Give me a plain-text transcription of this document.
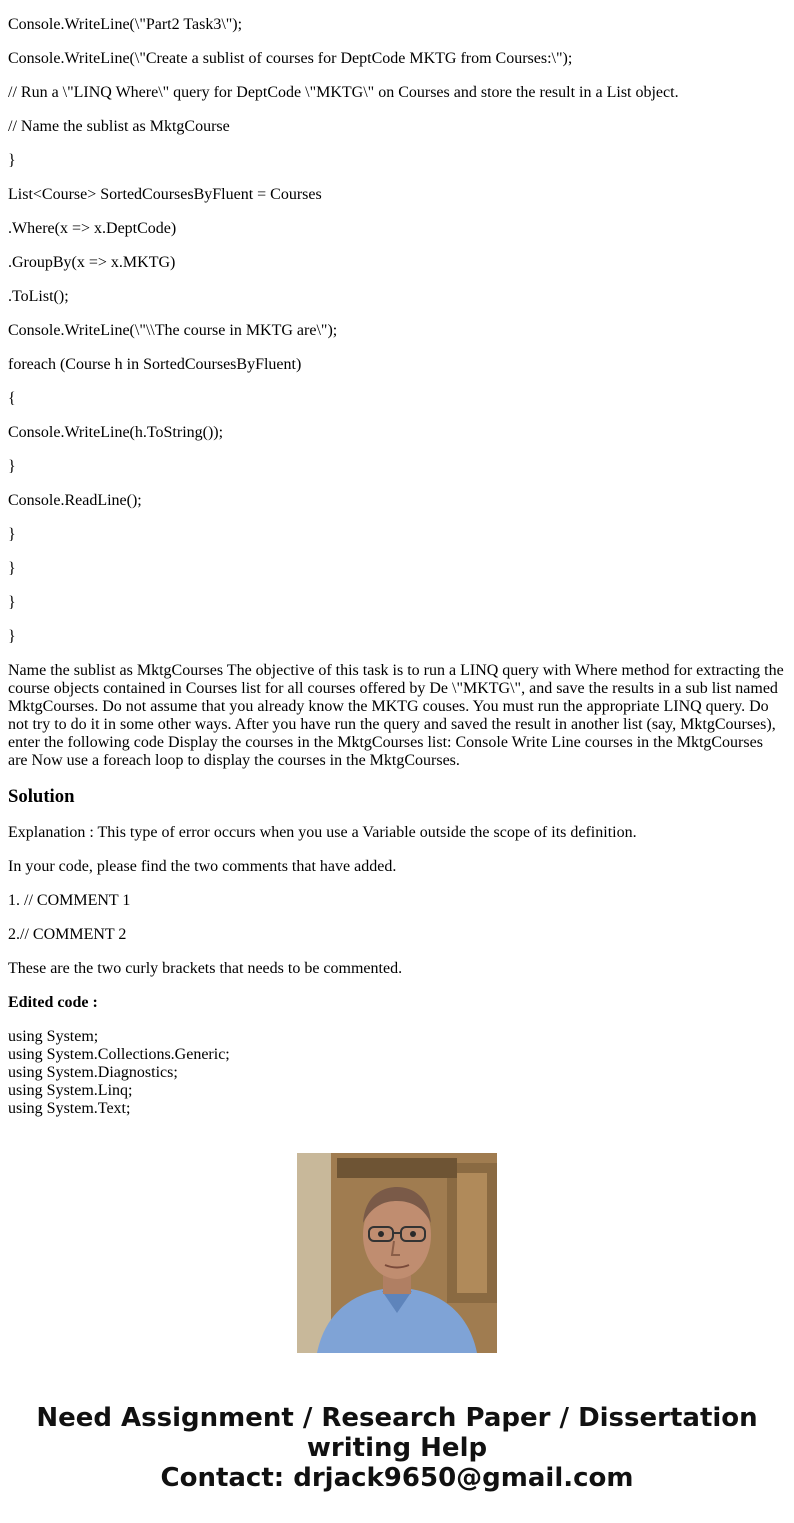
Console.WriteLine(\"Part2 Task3\");
Console.WriteLine(\"Create a sublist of courses for DeptCode MKTG from Courses:\");
// Run a \"LINQ Where\" query for DeptCode \"MKTG\" on Courses and store the result in a List object.
// Name the sublist as MktgCourse
}
List<Course> SortedCoursesByFluent = Courses
.Where(x => x.DeptCode)
.GroupBy(x => x.MKTG)
.ToList();
Console.WriteLine(\"\\The course in MKTG are\");
foreach (Course h in SortedCoursesByFluent)
{
Console.WriteLine(h.ToString());
}
Console.ReadLine();
}
}
}
}

Name the sublist as MktgCourses The objective of this task is to run a LINQ query with Where method for extracting the course objects contained in Courses list for all courses offered by De \"MKTG\", and save the results in a sub list named MktgCourses. Do not assume that you already know the MKTG couses. You must run the appropriate LINQ query. Do not try to do it in some other ways. After you have run the query and saved the result in another list (say, MktgCourses), enter the following code Display the courses in the MktgCourses list: Console Write Line courses in the MktgCourses are Now use a foreach loop to display the courses in the MktgCourses.

Solution
Explanation : This type of error occurs when you use a Variable outside the scope of its definition.
In your code, please find the two comments that have added.
1. // COMMENT 1
2.// COMMENT 2
These are the two curly brackets that needs to be commented.
Edited code :
using System;
using System.Collections.Generic;
using System.Diagnostics;
using System.Linq;
using System.Text;
Need Assignment / Research Paper / Dissertation
writing Help
Contact: drjack9650@gmail.com
